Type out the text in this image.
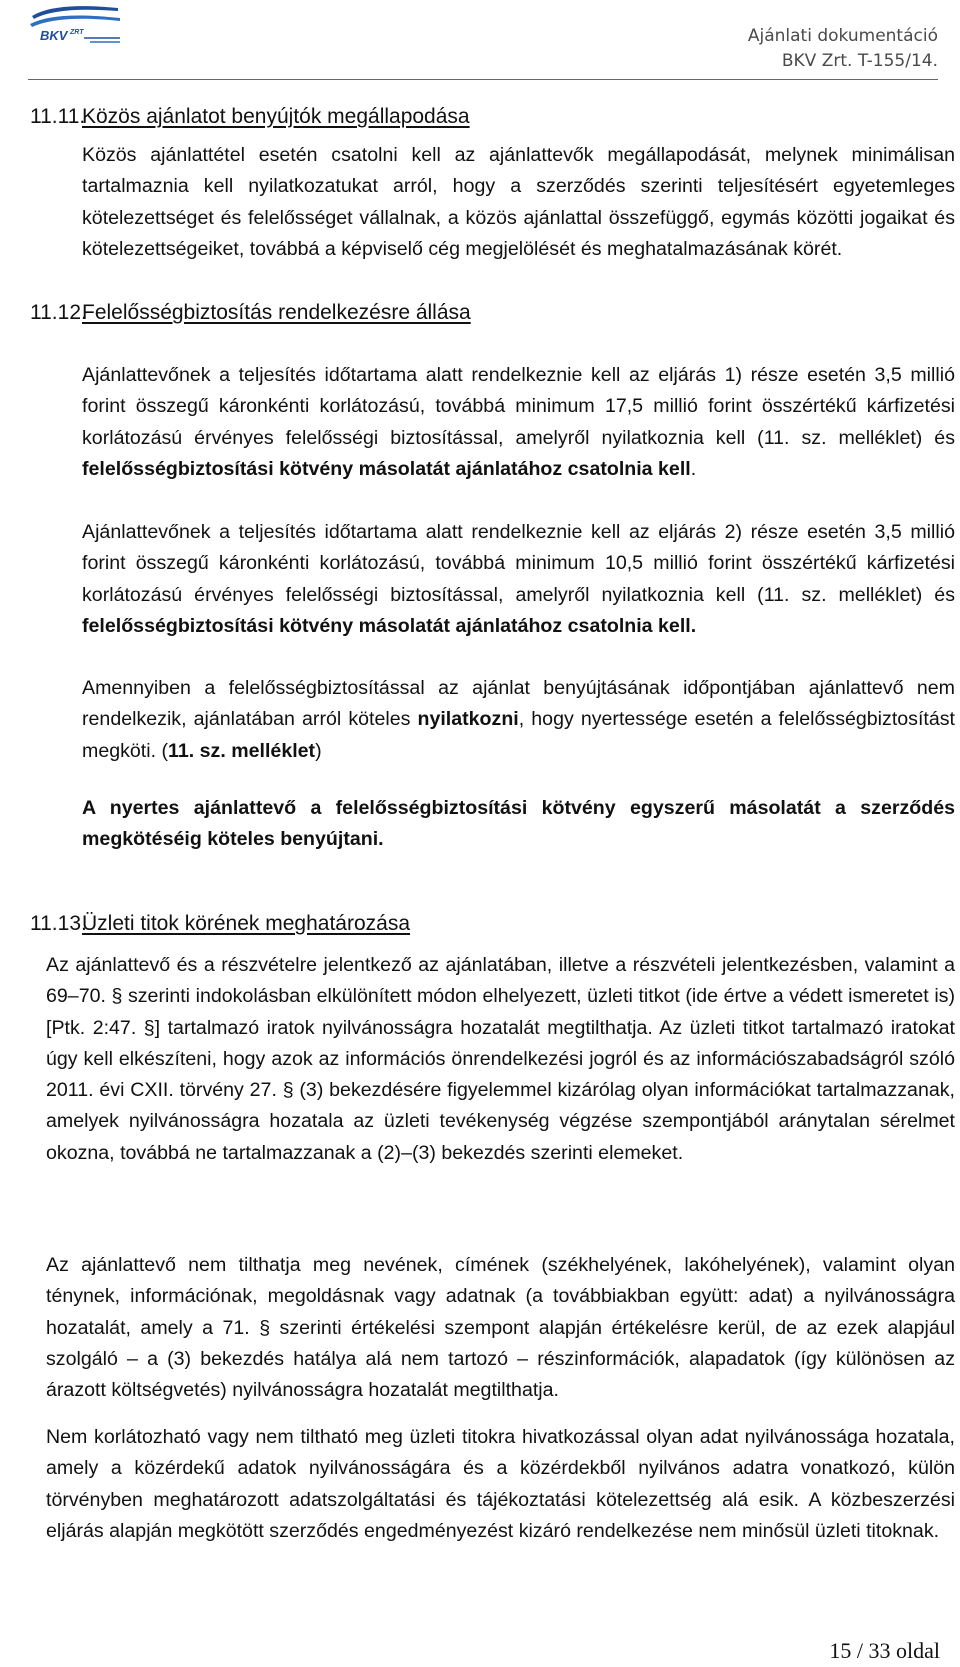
BKV ZRT	Ajánlati dokumentáció
BKV Zrt. T-155/14.
11.11.Közös ajánlatot benyújtók megállapodása

Közös ajánlattétel esetén csatolni kell az ajánlattevők megállapodását, melynek minimálisan tartalmaznia kell nyilatkozatukat arról, hogy a szerződés szerinti teljesítésért egyetemleges kötelezettséget és felelősséget vállalnak, a közös ajánlattal összefüggő, egymás közötti jogaikat és kötelezettségeiket, továbbá a képviselő cég megjelölését és meghatalmazásának körét.

11.12.Felelősségbiztosítás rendelkezésre állása

Ajánlattevőnek a teljesítés időtartama alatt rendelkeznie kell az eljárás 1) része esetén 3,5 millió forint összegű káronkénti korlátozású, továbbá minimum 17,5 millió forint összértékű kárfizetési korlátozású érvényes felelősségi biztosítással, amelyről nyilatkoznia kell (11. sz. melléklet) és felelősségbiztosítási kötvény másolatát ajánlatához csatolnia kell.

Ajánlattevőnek a teljesítés időtartama alatt rendelkeznie kell az eljárás 2) része esetén 3,5 millió forint összegű káronkénti korlátozású, továbbá minimum 10,5 millió forint összértékű kárfizetési korlátozású érvényes felelősségi biztosítással, amelyről nyilatkoznia kell (11. sz. melléklet) és felelősségbiztosítási kötvény másolatát ajánlatához csatolnia kell.

Amennyiben a felelősségbiztosítással az ajánlat benyújtásának időpontjában ajánlattevő nem rendelkezik, ajánlatában arról köteles nyilatkozni, hogy nyertessége esetén a felelősségbiztosítást megköti. (11. sz. melléklet)

A nyertes ajánlattevő a felelősségbiztosítási kötvény egyszerű másolatát a szerződés megkötéséig köteles benyújtani.

11.13.Üzleti titok körének meghatározása

Az ajánlattevő és a részvételre jelentkező az ajánlatában, illetve a részvételi jelentkezésben, valamint a 69–70. § szerinti indokolásban elkülönített módon elhelyezett, üzleti titkot (ide értve a védett ismeretet is) [Ptk. 2:47. §] tartalmazó iratok nyilvánosságra hozatalát megtilthatja. Az üzleti titkot tartalmazó iratokat úgy kell elkészíteni, hogy azok az információs önrendelkezési jogról és az információszabadságról szóló 2011. évi CXII. törvény 27. § (3) bekezdésére figyelemmel kizárólag olyan információkat tartalmazzanak, amelyek nyilvánosságra hozatala az üzleti tevékenység végzése szempontjából aránytalan sérelmet okozna, továbbá ne tartalmazzanak a (2)–(3) bekezdés szerinti elemeket.

Az ajánlattevő nem tilthatja meg nevének, címének (székhelyének, lakóhelyének), valamint olyan ténynek, információnak, megoldásnak vagy adatnak (a továbbiakban együtt: adat) a nyilvánosságra hozatalát, amely a 71. § szerinti értékelési szempont alapján értékelésre kerül, de az ezek alapjául szolgáló – a (3) bekezdés hatálya alá nem tartozó – részinformációk, alapadatok (így különösen az árazott költségvetés) nyilvánosságra hozatalát megtilthatja.

Nem korlátozható vagy nem tiltható meg üzleti titokra hivatkozással olyan adat nyilvánossága hozatala, amely a közérdekű adatok nyilvánosságára és a közérdekből nyilvános adatra vonatkozó, külön törvényben meghatározott adatszolgáltatási és tájékoztatási kötelezettség alá esik. A közbeszerzési eljárás alapján megkötött szerződés engedményezést kizáró rendelkezése nem minősül üzleti titoknak.

15 / 33 oldal
